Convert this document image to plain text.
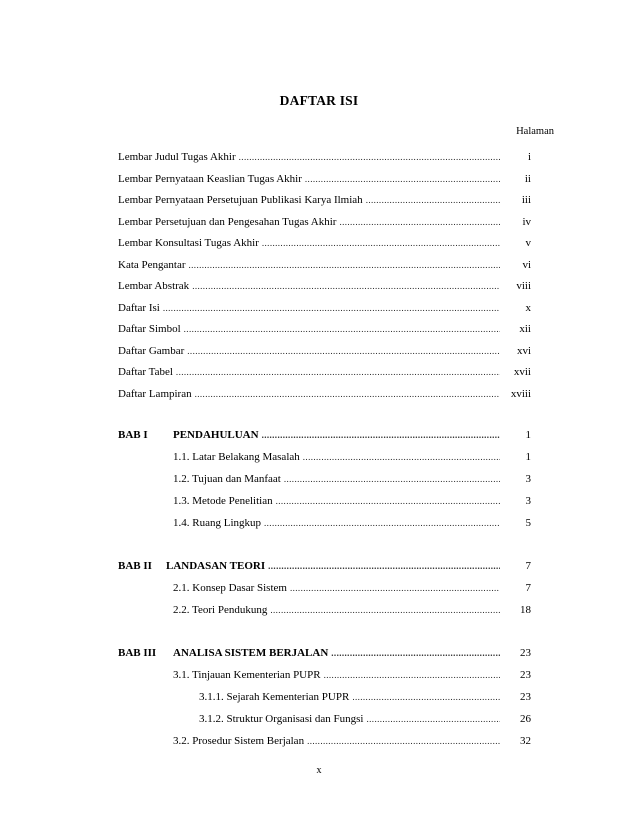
DAFTAR ISI
Halaman
Lembar Judul Tugas Akhir .....	i
Lembar Pernyataan Keaslian Tugas Akhir .....	ii
Lembar Pernyataan Persetujuan Publikasi Karya Ilmiah .....	iii
Lembar Persetujuan dan Pengesahan Tugas Akhir .....	iv
Lembar Konsultasi Tugas Akhir .....	v
Kata Pengantar .....	vi
Lembar Abstrak .....	viii
Daftar Isi .....	x
Daftar Simbol .....	xii
Daftar Gambar .....	xvi
Daftar Tabel .....	xvii
Daftar Lampiran .....	xviii
BAB I PENDAHULUAN .....	1
1.1. Latar Belakang Masalah .....	1
1.2. Tujuan dan Manfaat .....	3
1.3. Metode Penelitian .....	3
1.4. Ruang Lingkup .....	5
BAB II LANDASAN TEORI .....	7
2.1. Konsep Dasar Sistem .....	7
2.2. Teori Pendukung .....	18
BAB III ANALISA SISTEM BERJALAN .....	23
3.1. Tinjauan Kementerian PUPR .....	23
3.1.1. Sejarah Kementerian PUPR .....	23
3.1.2. Struktur Organisasi dan Fungsi .....	26
3.2. Prosedur Sistem Berjalan .....	32
x
